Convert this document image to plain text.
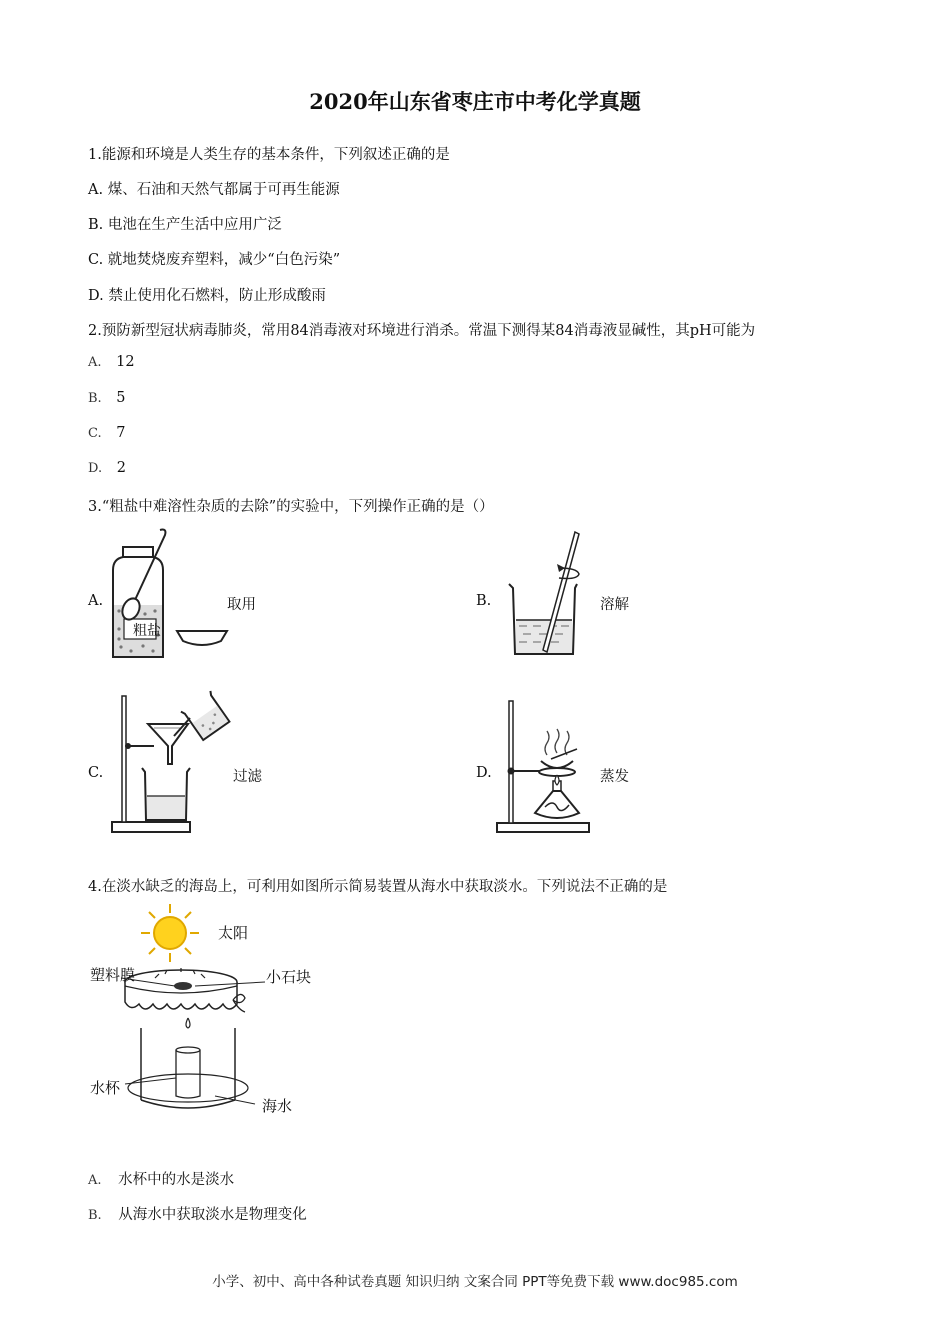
2020年山东省枣庄市中考化学真题
1.能源和环境是人类生存的基本条件，下列叙述正确的是
A. 煤、石油和天然气都属于可再生能源
B. 电池在生产生活中应用广泛
C. 就地焚烧废弃塑料，减少“白色污染”
D. 禁止使用化石燃料，防止形成酸雨
2.预防新型冠状病毒肺炎，常用84消毒液对环境进行消杀。常温下测得某84消毒液显碱性，其pH可能为
A. 12
B. 5
C. 7
D. 2
3.“粗盐中难溶性杂质的去除”的实验中，下列操作正确的是（）
A.
粗盐
取用	B.	溶解
C.	过滤	D.	蒸发
4.在淡水缺乏的海岛上，可利用如图所示简易装置从海水中获取淡水。下列说法不正确的是
太阳
塑料膜	小石块
水杯
海水
A. 水杯中的水是淡水
B. 从海水中获取淡水是物理变化
小学、初中、高中各种试卷真题 知识归纳 文案合同 PPT等免费下载 www.doc985.com
